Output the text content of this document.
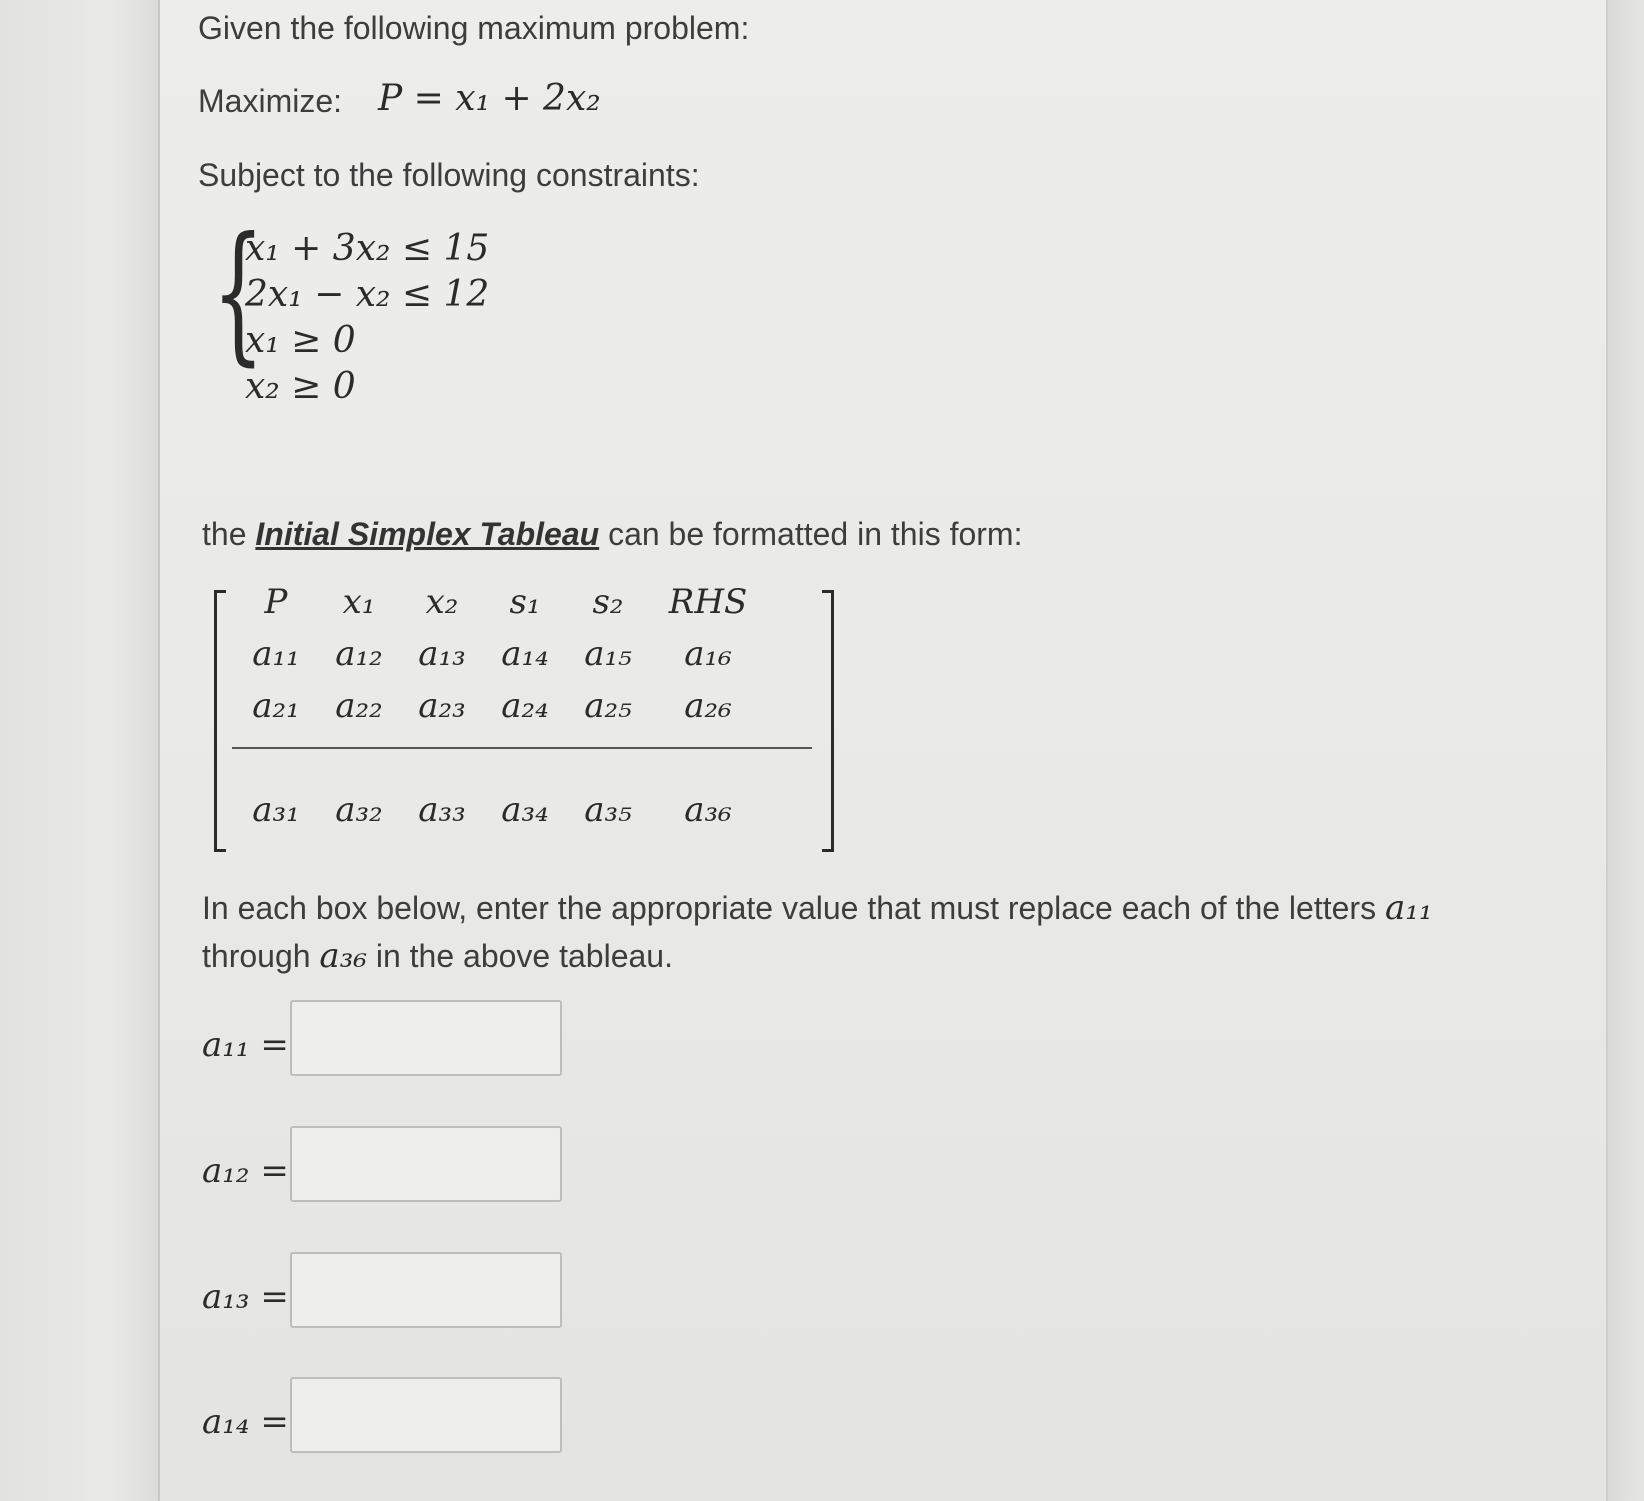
Given the following maximum problem:
Maximize: P = x₁ + 2x₂
Subject to the following constraints:
{
x₁ + 3x₂ ≤ 15
2x₁ − x₂ ≤ 12
x₁ ≥ 0
x₂ ≥ 0
the Initial Simplex Tableau can be formatted in this form:
P	x₁	x₂	s₁	s₂	RHS
a₁₁	a₁₂	a₁₃	a₁₄	a₁₅	a₁₆
a₂₁	a₂₂	a₂₃	a₂₄	a₂₅	a₂₆
a₃₁	a₃₂	a₃₃	a₃₄	a₃₅	a₃₆
In each box below, enter the appropriate value that must replace each of the letters a₁₁ through a₃₆ in the above tableau.
a₁₁ =
a₁₂ =
a₁₃ =
a₁₄ =
